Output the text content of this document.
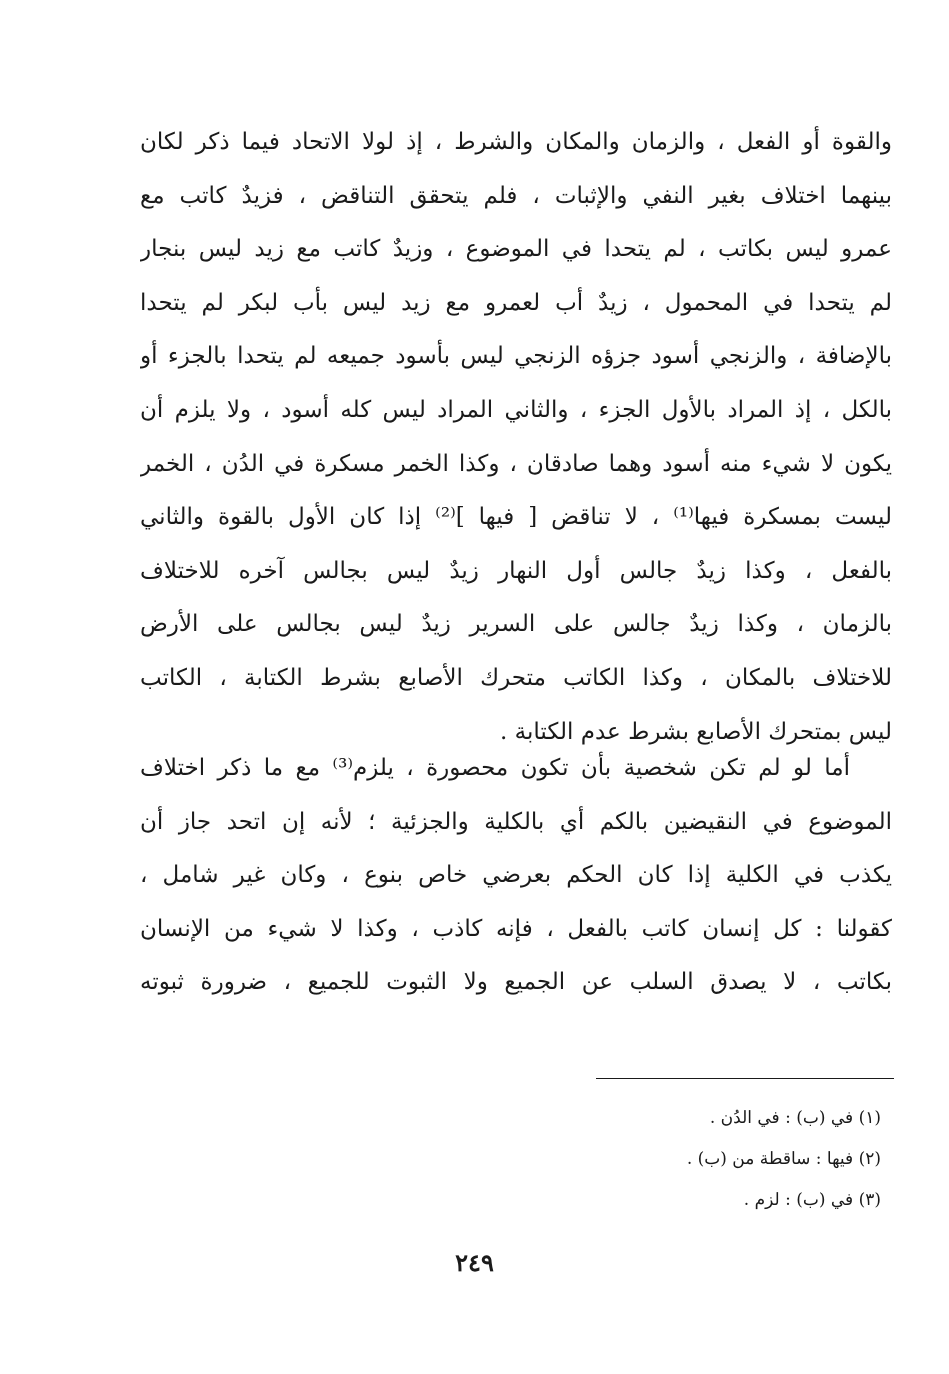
والقوة أو الفعل ، والزمان والمكان والشرط ، إذ لولا الاتحاد فيما ذكر لكان
بينهما اختلاف بغير النفي والإثبات ، فلم يتحقق التناقض ، فزيدٌ كاتب مع
عمرو ليس بكاتب ، لم يتحدا في الموضوع ، وزيدٌ كاتب مع زيد ليس بنجار
لم يتحدا في المحمول ، زيدٌ أب لعمرو مع زيد ليس بأب لبكر لم يتحدا
بالإضافة ، والزنجي أسود جزؤه الزنجي ليس بأسود جميعه لم يتحدا بالجزء أو
بالكل ، إذ المراد بالأول الجزء ، والثاني المراد ليس كله أسود ، ولا يلزم أن
يكون لا شيء منه أسود وهما صادقان ، وكذا الخمر مسكرة في الدُن ، الخمر
ليست بمسكرة فيها⁽¹⁾ ، لا تناقض [ فيها ]⁽²⁾ إذا كان الأول بالقوة والثاني
بالفعل ، وكذا زيدٌ جالس أول النهار زيدٌ ليس بجالس آخره للاختلاف
بالزمان ، وكذا زيدٌ جالس على السرير زيدٌ ليس بجالس على الأرض
للاختلاف بالمكان ، وكذا الكاتب متحرك الأصابع بشرط الكتابة ، الكاتب
ليس بمتحرك الأصابع بشرط عدم الكتابة .
أما لو لم تكن شخصية بأن تكون محصورة ، يلزم⁽³⁾ مع ما ذكر اختلاف
الموضوع في النقيضين بالكم أي بالكلية والجزئية ؛ لأنه إن اتحد جاز أن
يكذب في الكلية إذا كان الحكم بعرضي خاص بنوع ، وكان غير شامل ،
كقولنا : كل إنسان كاتب بالفعل ، فإنه كاذب ، وكذا لا شيء من الإنسان
بكاتب ، لا يصدق السلب عن الجميع ولا الثبوت للجميع ، ضرورة ثبوته
(١) في (ب) : في الدُن .
(٢) فيها : ساقطة من (ب) .
(٣) في (ب) : لزم .
٢٤٩
